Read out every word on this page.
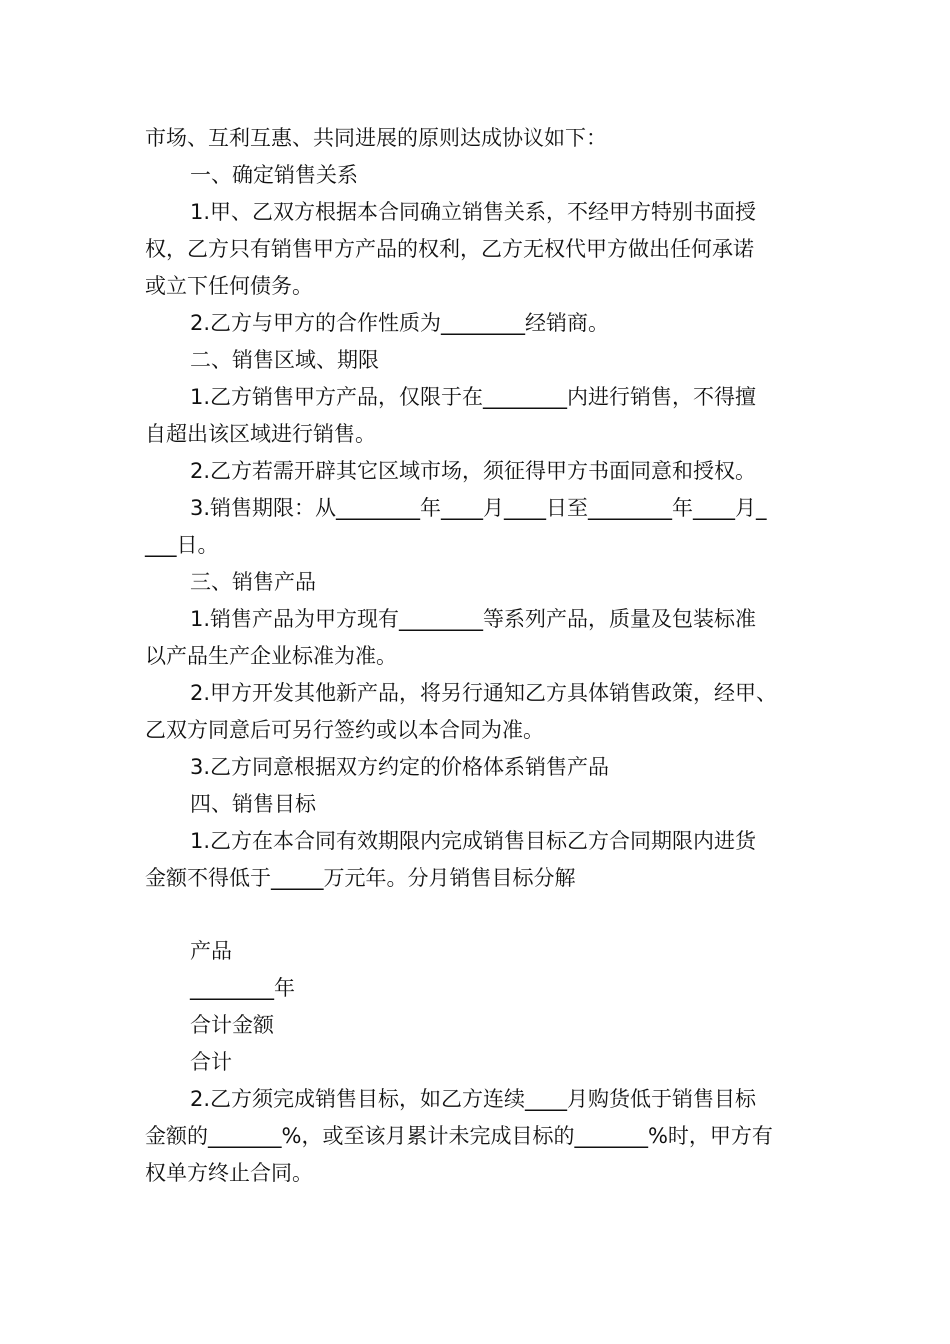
市场、互利互惠、共同进展的原则达成协议如下：
一、确定销售关系
1.甲、乙双方根据本合同确立销售关系，不经甲方特别书面授
权，乙方只有销售甲方产品的权利，乙方无权代甲方做出任何承诺
或立下任何债务。
2.乙方与甲方的合作性质为________经销商。
二、销售区域、期限
1.乙方销售甲方产品，仅限于在________内进行销售，不得擅
自超出该区域进行销售。
2.乙方若需开辟其它区域市场，须征得甲方书面同意和授权。
3.销售期限：从________年____月____日至________年____月_
___日。
三、销售产品
1.销售产品为甲方现有________等系列产品，质量及包装标准
以产品生产企业标准为准。
2.甲方开发其他新产品，将另行通知乙方具体销售政策，经甲、
乙双方同意后可另行签约或以本合同为准。
3.乙方同意根据双方约定的价格体系销售产品
四、销售目标
1.乙方在本合同有效期限内完成销售目标乙方合同期限内进货
金额不得低于_____万元年。分月销售目标分解
产品
________年
合计金额
合计
2.乙方须完成销售目标，如乙方连续____月购货低于销售目标
金额的_______%，或至该月累计未完成目标的_______%时，甲方有
权单方终止合同。
